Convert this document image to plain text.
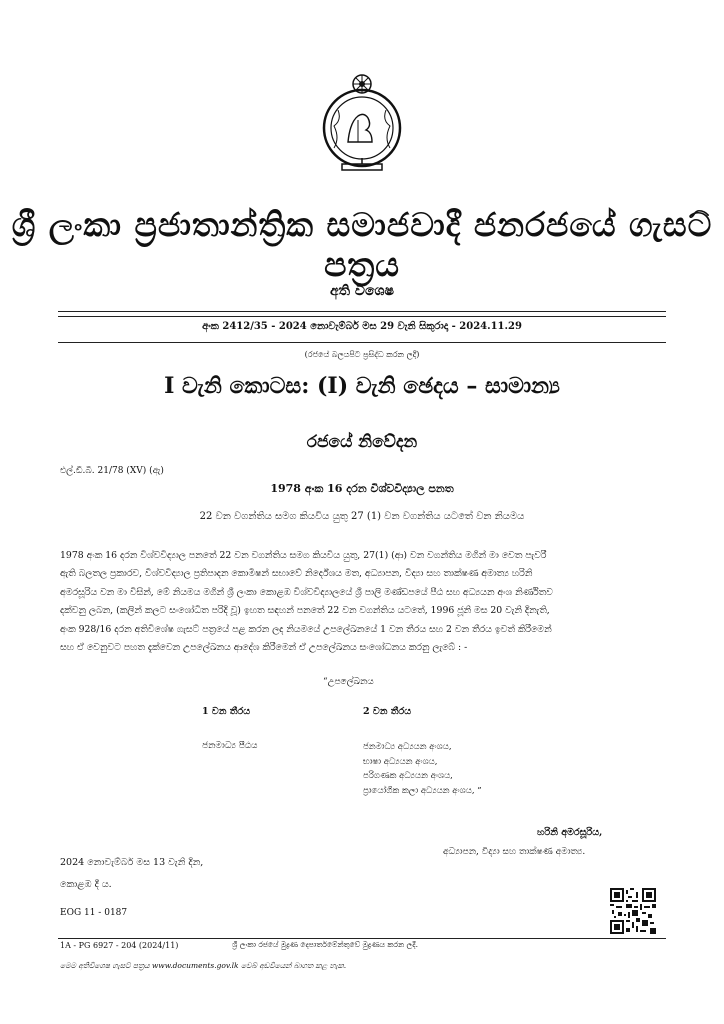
ශ්‍රී ලංකා ප්‍රජාතාන්ත්‍රික සමාජවාදී ජනරජයේ ගැසට් පත්‍රය
අති විශෙෂ
අංක 2412/35 - 2024 නොවැම්බර් මස 29 වැනි සිකුරාදා - 2024.11.29
(රජයේ බලයපිට ප්‍රසිද්ධ කරන ලදී)
I වැනි කොටස: (I) වැනි ඡෙදය – සාමාන්‍ය
රජයේ නිවේදන
එල්.ඩී.බී. 21/78 (XV) (ඇ)
1978 අංක 16 දරන විශ්වවිද්‍යාල පනත
22 වන වගන්තිය සමග කියවිය යුතු 27 (1) වන වගන්තිය යටතේ වන නියමය
1978 අංක 16 දරන විශ්වවිද්‍යාල පනතේ 22 වන වගන්තිය සමග කියවිය යුතු, 27(1) (ආ) වන වගන්තිය මගින් මා වෙත පැවරී
ඇති බලතල ප්‍රකාරව, විශ්වවිද්‍යාල ප්‍රතිපාදන කොමිෂන් සභාවේ නිර්දේශය මත, අධ්‍යාපන, විද්‍යා සහ තාක්ෂණ අමාත්‍ය හරිනි
අමරසූරිය වන මා විසින්, මේ නියමය මගින් ශ්‍රී ලංකා කොළඹ විශ්වවිද්‍යාලයේ ශ්‍රී පාලි මණ්ඩපයේ පීඨ සහ අධ්‍යයන අංශ නිර්ණිතව
දක්වනු ලබන, (කලින් කලට සංශෝධිත පරිදි වූ) ඉහත සඳහන් පනතේ 22 වන වගන්තිය යටතේ, 1996 ජූනි මස 20 වැනි දිනැති,
අංක 928/16 දරන අතිවිශේෂ ගැසට් පත්‍රයේ පළ කරන ලද නියමයේ උපලේඛනයේ 1 වන තීරය සහ 2 වන තීරය ඉවත් කිරීමෙන්
සහ ඒ වෙනුවට පහත දැක්වෙන උපලේඛනය ආදේශ කිරීමෙන් ඒ උපලේඛනය සංශෝධනය කරනු ලැබේ : -
“උපලේඛනය
1 වන තීරය	2 වන තීරය
ජනමාධ්‍ය පීඨය	ජනමාධ්‍ය අධ්‍යයන අංශය,
භාෂා අධ්‍යයන අංශය,
පරිගණක අධ්‍යයන අංශය,
ප්‍රායෝගික කලා අධ්‍යයන අංශය, ”
හරිනි අමරසූරිය,
අධ්‍යාපන, විද්‍යා සහ තාක්ෂණ අමාත්‍ය.
2024 නොවැම්බර් මස 13 වැනි දින,
කොළඹ දී ය.
EOG 11 - 0187
1A - PG 6927 - 204 (2024/11)	ශ්‍රී ලංකා රජයේ මුද්‍රණ දෙපාර්තමේන්තුවේ මුද්‍රණය කරන ලදී.
මෙම අතිවිශෙෂ ගැසට් පත්‍රය www.documents.gov.lk වෙබ් අඩවියෙන් බාගත කළ හැක.
